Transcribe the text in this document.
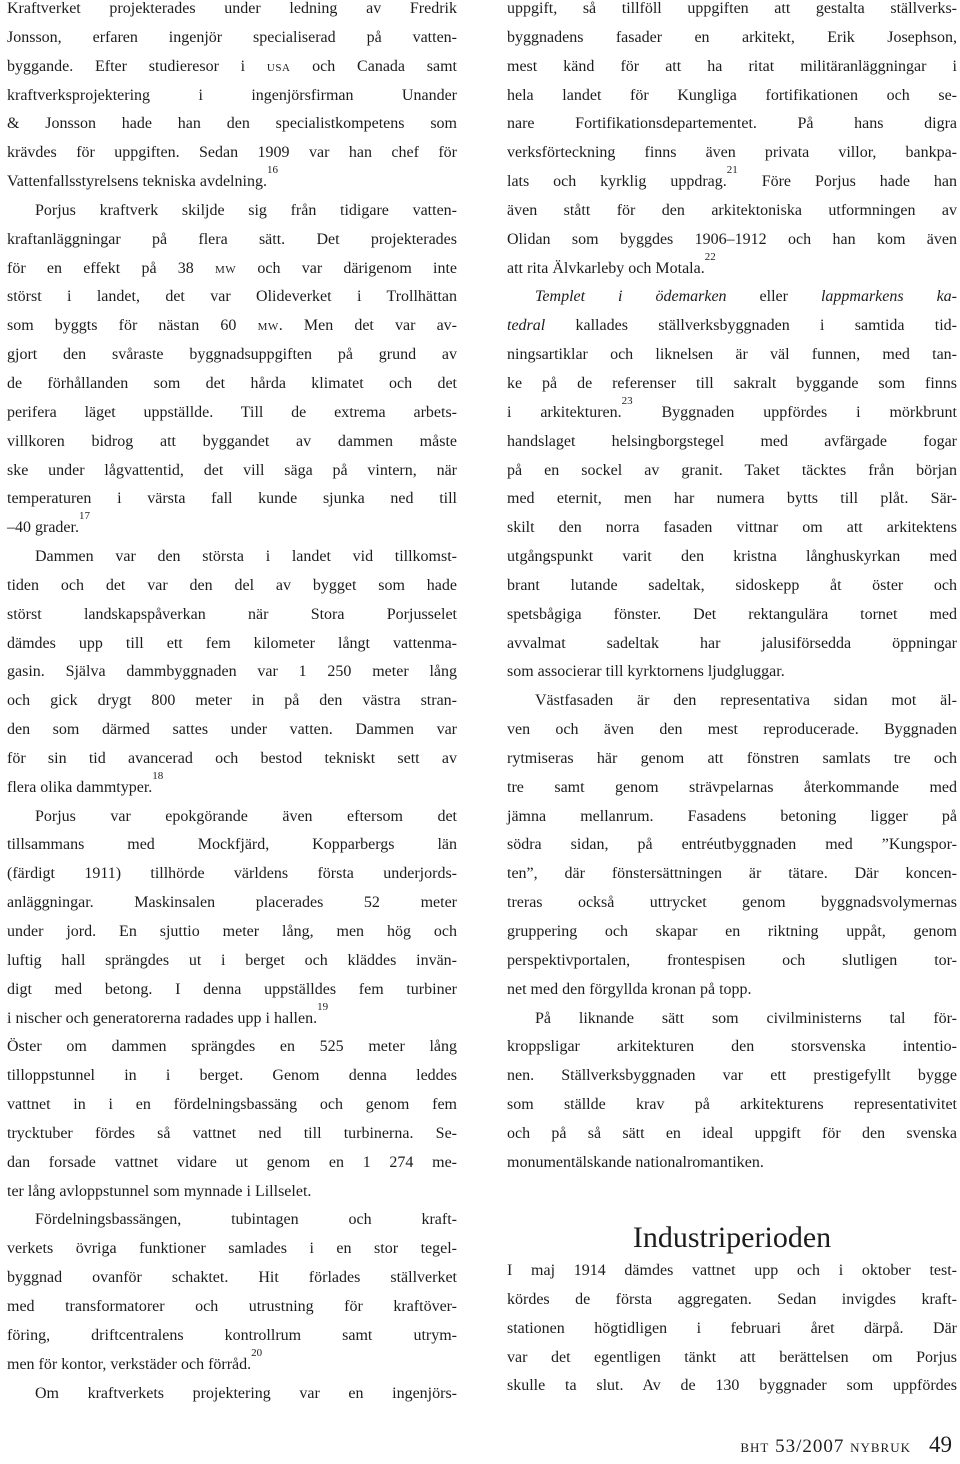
Kraftverket projekterades under ledning av Fredrik
Jonsson, erfaren ingenjör specialiserad på vatten-
byggande. Efter studieresor i usa och Canada samt
kraftverksprojektering i ingenjörsfirman Unander
& Jonsson hade han den specialistkompetens som
krävdes för uppgiften. Sedan 1909 var han chef för
Vattenfallsstyrelsens tekniska avdelning.$^{16}$
Porjus kraftverk skiljde sig från tidigare vatten-
kraftanläggningar på flera sätt. Det projekterades
för en effekt på 38 mw och var därigenom inte
störst i landet, det var Olideverket i Trollhättan
som byggts för nästan 60 mw. Men det var av-
gjort den svåraste byggnadsuppgiften på grund av
de förhållanden som det hårda klimatet och det
perifera läget uppställde. Till de extrema arbets-
villkoren bidrog att byggandet av dammen måste
ske under lågvattentid, det vill säga på vintern, när
temperaturen i värsta fall kunde sjunka ned till
–40 grader.$^{17}$
Dammen var den största i landet vid tillkomst-
tiden och det var den del av bygget som hade
störst landskapspåverkan när Stora Porjusselet
dämdes upp till ett fem kilometer långt vattenma-
gasin. Själva dammbyggnaden var 1 250 meter lång
och gick drygt 800 meter in på den västra stran-
den som därmed sattes under vatten. Dammen var
för sin tid avancerad och bestod tekniskt sett av
flera olika dammtyper.$^{18}$
Porjus var epokgörande även eftersom det
tillsammans med Mockfjärd, Kopparbergs län
(färdigt 1911) tillhörde världens första underjords-
anläggningar. Maskinsalen placerades 52 meter
under jord. En sjuttio meter lång, men hög och
luftig hall sprängdes ut i berget och kläddes invän-
digt med betong. I denna uppställdes fem turbiner
i nischer och generatorerna radades upp i hallen.$^{19}$
Öster om dammen sprängdes en 525 meter lång
tilloppstunnel in i berget. Genom denna leddes
vattnet in i en fördelningsbassäng och genom fem
trycktuber fördes så vattnet ned till turbinerna. Se-
dan forsade vattnet vidare ut genom en 1 274 me-
ter lång avloppstunnel som mynnade i Lillselet.
Fördelningsbassängen, tubintagen och kraft-
verkets övriga funktioner samlades i en stor tegel-
byggnad ovanför schaktet. Hit förlades ställverket
med transformatorer och utrustning för kraftöver-
föring, driftcentralens kontrollrum samt utrym-
men för kontor, verkstäder och förråd.$^{20}$
Om kraftverkets projektering var en ingenjörs-
uppgift, så tillföll uppgiften att gestalta ställverks-
byggnadens fasader en arkitekt, Erik Josephson,
mest känd för att ha ritat militäranläggningar i
hela landet för Kungliga fortifikationen och se-
nare Fortifikationsdepartementet. På hans digra
verksförteckning finns även privata villor, bankpa-
lats och kyrklig uppdrag.$^{21}$ Före Porjus hade han
även stått för den arkitektoniska utformningen av
Olidan som byggdes 1906–1912 och han kom även
att rita Älvkarleby och Motala.$^{22}$
Templet i ödemarken eller lappmarkens ka-
tedral kallades ställverksbyggnaden i samtida tid-
ningsartiklar och liknelsen är väl funnen, med tan-
ke på de referenser till sakralt byggande som finns
i arkitekturen.$^{23}$ Byggnaden uppfördes i mörkbrunt
handslaget helsingborgstegel med avfärgade fogar
på en sockel av granit. Taket täcktes från början
med eternit, men har numera bytts till plåt. Sär-
skilt den norra fasaden vittnar om att arkitektens
utgångspunkt varit den kristna långhuskyrkan med
brant lutande sadeltak, sidoskepp åt öster och
spetsbågiga fönster. Det rektangulära tornet med
avvalmat sadeltak har jalusiförsedda öppningar
som associerar till kyrktornens ljudgluggar.
Västfasaden är den representativa sidan mot äl-
ven och även den mest reproducerade. Byggnaden
rytmiseras här genom att fönstren samlats tre och
tre samt genom strävpelarnas återkommande med
jämna mellanrum. Fasadens betoning ligger på
södra sidan, på entréutbyggnaden med ”Kungspor-
ten”, där fönstersättningen är tätare. Där koncen-
treras också uttrycket genom byggnadsvolymernas
gruppering och skapar en riktning uppåt, genom
perspektivportalen, frontespisen och slutligen tor-
net med den förgyllda kronan på topp.
På liknande sätt som civilministerns tal för-
kroppsligar arkitekturen den storsvenska intentio-
nen. Ställverksbyggnaden var ett prestigefyllt bygge
som ställde krav på arkitekturens representativitet
och på så sätt en ideal uppgift för den svenska
monumentälskande nationalromantiken.
Industriperioden
I maj 1914 dämdes vattnet upp och i oktober test-
kördes de första aggregaten. Sedan invigdes kraft-
stationen högtidligen i februari året därpå. Där
var det egentligen tänkt att berättelsen om Porjus
skulle ta slut. Av de 130 byggnader som uppfördes
bht 53/2007 nybruk 49
